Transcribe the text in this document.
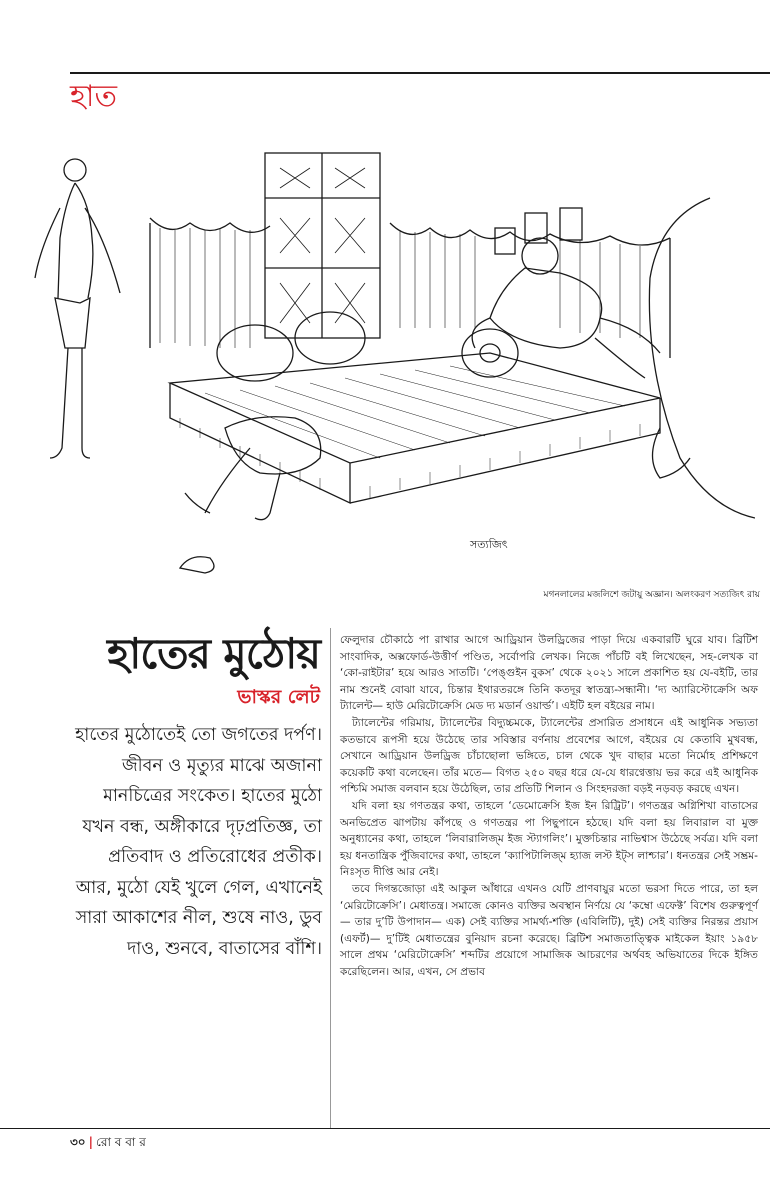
হাত
সত্যজিৎ
মগনলালের মজলিশে জটায়ু অজ্ঞান। অলংকরণ সত্যজিৎ রায়
হাতের মুঠোয়
ভাস্কর লেট
হাতের মুঠোতেই তো জগতের দর্পণ। জীবন ও মৃত্যুর মাঝে অজানা মানচিত্রের সংকেত। হাতের মুঠো যখন বন্ধ, অঙ্গীকারে দৃঢ়প্রতিজ্ঞ, তা প্রতিবাদ ও প্রতিরোধের প্রতীক। আর, মুঠো যেই খুলে গেল, এখানেই সারা আকাশের নীল, শুষে নাও, ডুব দাও, শুনবে, বাতাসের বাঁশি।

ফেলুদার চৌকাঠে পা রাখার আগে আড্রিয়ান উলড্রিজের পাড়া দিয়ে একবারটি ঘুরে যাব। ব্রিটিশ সাংবাদিক, অক্সফোর্ড-উত্তীর্ণ পণ্ডিত, সর্বোপরি লেখক। নিজে পাঁচটি বই লিখেছেন, সহ-লেখক বা ‘কো-রাইটার’ হয়ে আরও সাতটি। ‘পেঙ্গুইন বুকস’ থেকে ২০২১ সালে প্রকাশিত হয় যে-বইটি, তার নাম শুনেই বোঝা যাবে, চিন্তার ইথারতরঙ্গে তিনি কতদূর স্বাতন্ত্র্য-সন্ধানী। ‘দ্য অ্যারিস্টোক্রেসি অফ ট্যালেন্ট— হাউ মেরিটোক্রেসি মেড দ্য মডার্ন ওয়ার্ল্ড’। এইটি হল বইয়ের নাম।

ট্যালেন্টের গরিমায়, ট্যালেন্টের বিদ্যুচ্চমকে, ট্যালেন্টের প্রসারিত প্রসাধনে এই আধুনিক সভ্যতা কতভাবে রূপসী হয়ে উঠেছে তার সবিস্তার বর্ণনায় প্রবেশের আগে, বইয়ের যে কেতাবি মুখবন্ধ, সেখানে আড্রিয়ান উলড্রিজ চাঁচাছোলা ভঙ্গিতে, চাল থেকে খুদ বাছার মতো নির্মোহ প্রশিক্ষণে কয়েকটি কথা বলেছেন। তাঁর মতে— বিগত ২৫০ বছর ধরে যে-যে ধারণ্বেত্তায় ভর করে এই আধুনিক পশ্চিমি সমাজ বলবান হয়ে উঠেছিল, তার প্রতিটি শিলান ও সিংহদরজা বড়ই নড়বড় করছে এখন।

যদি বলা হয় গণতন্ত্রর কথা, তাহলে ‘ডেমোক্রেসি ইজ ইন রিট্রিট’। গণতন্ত্রর অগ্নিশিখা বাতাসের অনভিপ্রেত ঝাপটায় কাঁপছে ও গণতন্ত্রর পা পিছুপানে হঠছে। যদি বলা হয় লিবারাল বা মুক্ত অনুধ্যানের কথা, তাহলে ‘লিবারালিজ্‌ম ইজ স্ট্যাগলিং’। মুক্তচিন্তার নাভিশ্বাস উঠেছে সর্বত্র। যদি বলা হয় ধনতান্ত্রিক পুঁজিবাদের কথা, তাহলে ‘ক্যাপিটালিজ্‌ম হ্যাজ লস্ট ইট্‌স লাশ্চার’। ধনতন্ত্রর সেই সম্ভ্রম-নিঃসৃত দীপ্তি আর নেই।

তবে দিগন্তজোড়া এই আকুল আঁধারে এখনও যেটি প্রাণবায়ুর মতো ভরসা দিতে পারে, তা হল ‘মেরিটোক্রেসি’। মেধাতন্ত্র। সমাজে কোনও ব্যক্তির অবস্থান নির্ণয়ে যে ‘কম্বো এফেক্ট’ বিশেষ গুরুত্বপূর্ণ— তার দু’টি উপাদান— এক) সেই ব্যক্তির সামর্থ্য-শক্তি (এবিলিটি), দুই) সেই ব্যক্তির নিরন্তর প্রয়াস (এফর্ট)— দু’টিই মেধাতন্ত্রের বুনিয়াদ রচনা করেছে। ব্রিটিশ সমাজতাত্ত্বিক মাইকেল ইয়াং ১৯৫৮ সালে প্রথম ‘মেরিটোক্রেসি’ শব্দটির প্রয়োগে সামাজিক আচরণের অর্থবহ অভিযাতের দিকে ইঙ্গিত করেছিলেন। আর, এখন, সে প্রভাব

৩০ | রো ব বা র
